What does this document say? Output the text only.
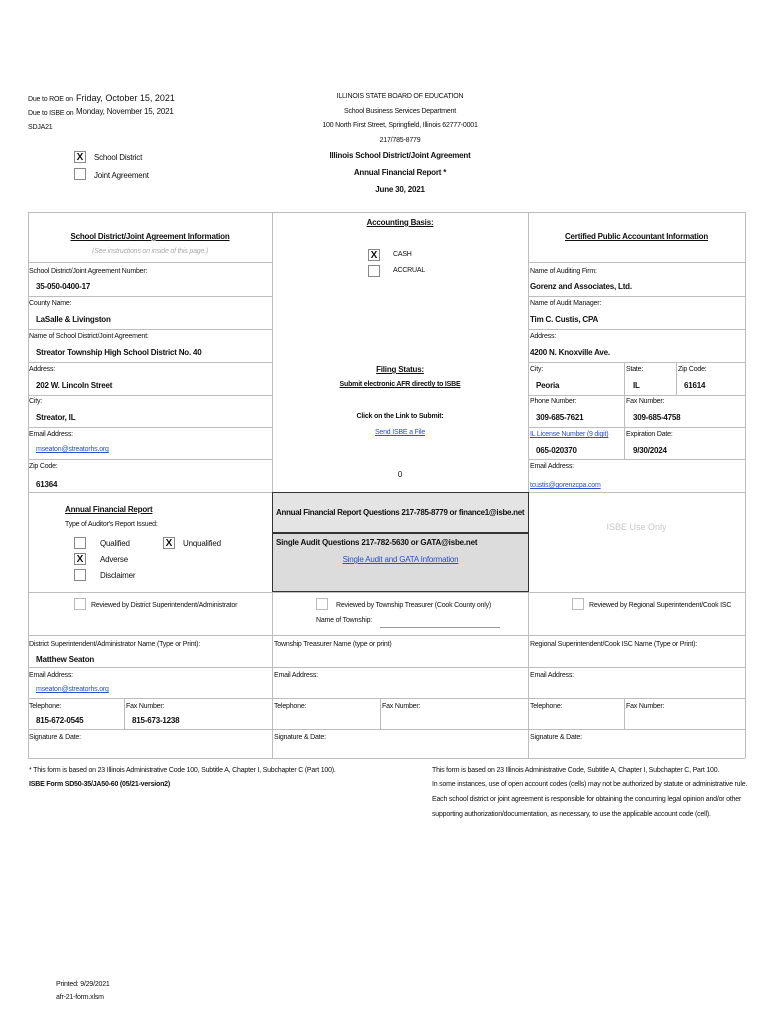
Due to ROE on Friday, October 15, 2021
Due to ISBE on Monday, November 15, 2021
SDJA21
X	School District
Joint Agreement
ILLINOIS STATE BOARD OF EDUCATION
School Business Services Department
100 North First Street, Springfield, Illinois 62777-0001
217/785-8779
Illinois School District/Joint Agreement
Annual Financial Report *
June 30, 2021
School District/Joint Agreement Information
(See instructions on inside of this page.)
School District/Joint Agreement Number:
35-050-0400-17
County Name:
LaSalle & Livingston
Name of School District/Joint Agreement:
Streator Township High School District No. 40
Address:
202 W. Lincoln Street
City:
Streator, IL
Email Address:
mseaton@streatorhs.org
Zip Code:
61364
Accounting Basis:
X	CASH
ACCRUAL
Filing Status:
Submit electronic AFR directly to ISBE
Click on the Link to Submit:
Send ISBE a File
0
Certified Public Accountant Information
Name of Auditing Firm:
Gorenz and Associates, Ltd.
Name of Audit Manager:
Tim C. Custis, CPA
Address:
4200 N. Knoxville Ave.
City:
Peoria
State:
IL
Zip Code:
61614
Phone Number:
309-685-7621
Fax Number:
309-685-4758
IL License Number (9 digit)
065-020370
Expiration Date:
9/30/2024
Email Address:
tcustis@gorenzcpa.com
Annual Financial Report
Type of Auditor's Report Issued:
Qualified	X	Unqualified
X	Adverse
Disclaimer
Annual Financial Report Questions 217-785-8779 or finance1@isbe.net
Single Audit Questions 217-782-5630 or GATA@isbe.net
Single Audit and GATA Information
ISBE Use Only
Reviewed by District Superintendent/Administrator	Reviewed by Township Treasurer (Cook County only)
Name of Township:
Reviewed by Regional Superintendent/Cook ISC
District Superintendent/Administrator Name (Type or Print):
Matthew Seaton
Email Address:
mseaton@streatorhs.org
Telephone:
815-672-0545
Fax Number:
815-673-1238
Signature & Date:
Township Treasurer Name (type or print)
Email Address:
Telephone:	Fax Number:
Signature & Date:
Regional Superintendent/Cook ISC Name (Type or Print):
Email Address:
Telephone:	Fax Number:
Signature & Date:
* This form is based on 23 Illinois Administrative Code 100, Subtitle A, Chapter I, Subchapter C (Part 100).
ISBE Form SD50-35/JA50-60 (05/21-version2)
This form is based on 23 Illinois Administrative Code, Subtitle A, Chapter I, Subchapter C, Part 100.
In some instances, use of open account codes (cells) may not be authorized by statute or administrative rule.
Each school district or joint agreement is responsible for obtaining the concurring legal opinion and/or other
supporting authorization/documentation, as necessary, to use the applicable account code (cell).
Printed: 9/29/2021
afr-21-form.xlsm
